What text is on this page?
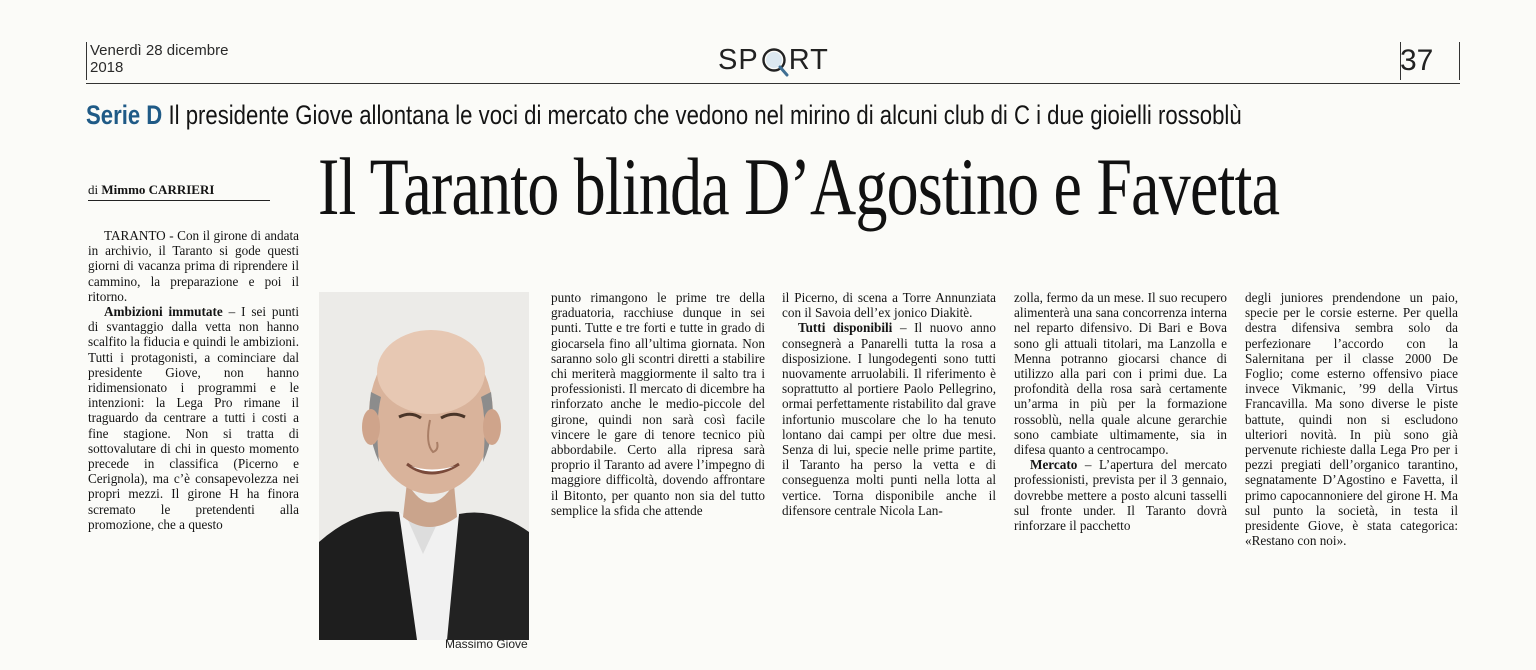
Venerdì 28 dicembre
2018	SP RT	37
Serie D Il presidente Giove allontana le voci di mercato che vedono nel mirino di alcuni club di C i due gioielli rossoblù
Il Taranto blinda D’Agostino e Favetta
di Mimmo CARRIERI

TARANTO - Con il girone di andata in archivio, il Taranto si gode questi giorni di vacanza prima di riprendere il cammino, la preparazione e poi il ritorno.

Ambizioni immutate – I sei punti di svantaggio dalla vetta non hanno scalfito la fiducia e quindi le ambizioni. Tutti i protagonisti, a cominciare dal presidente Giove, non hanno ridimensionato i programmi e le intenzioni: la Lega Pro rimane il traguardo da centrare a tutti i costi a fine stagione. Non si tratta di sottovalutare di chi in questo momento precede in classifica (Picerno e Cerignola), ma c’è consapevolezza nei propri mezzi. Il girone H ha finora scremato le pretendenti alla promozione, che a questo

Massimo Giove

punto rimangono le prime tre della graduatoria, racchiuse dunque in sei punti. Tutte e tre forti e tutte in grado di giocarsela fino all’ultima giornata. Non saranno solo gli scontri diretti a stabilire chi meriterà maggiormente il salto tra i professionisti. Il mercato di dicembre ha rinforzato anche le medio-piccole del girone, quindi non sarà così facile vincere le gare di tenore tecnico più abbordabile. Certo alla ripresa sarà proprio il Taranto ad avere l’impegno di maggiore difficoltà, dovendo affrontare il Bitonto, per quanto non sia del tutto semplice la sfida che attende

il Picerno, di scena a Torre Annunziata con il Savoia dell’ex jonico Diakitè.

Tutti disponibili – Il nuovo anno consegnerà a Panarelli tutta la rosa a disposizione. I lungodegenti sono tutti nuovamente arruolabili. Il riferimento è soprattutto al portiere Paolo Pellegrino, ormai perfettamente ristabilito dal grave infortunio muscolare che lo ha tenuto lontano dai campi per oltre due mesi. Senza di lui, specie nelle prime partite, il Taranto ha perso la vetta e di conseguenza molti punti nella lotta al vertice. Torna disponibile anche il difensore centrale Nicola Lan-

zolla, fermo da un mese. Il suo recupero alimenterà una sana concorrenza interna nel reparto difensivo. Di Bari e Bova sono gli attuali titolari, ma Lanzolla e Menna potranno giocarsi chance di utilizzo alla pari con i primi due. La profondità della rosa sarà certamente un’arma in più per la formazione rossoblù, nella quale alcune gerarchie sono cambiate ultimamente, sia in difesa quanto a centrocampo.

Mercato – L’apertura del mercato professionisti, prevista per il 3 gennaio, dovrebbe mettere a posto alcuni tasselli sul fronte under. Il Taranto dovrà rinforzare il pacchetto

degli juniores prendendone un paio, specie per le corsie esterne. Per quella destra difensiva sembra solo da perfezionare l’accordo con la Salernitana per il classe 2000 De Foglio; come esterno offensivo piace invece Vikmanic, ’99 della Virtus Francavilla. Ma sono diverse le piste battute, quindi non si escludono ulteriori novità. In più sono già pervenute richieste dalla Lega Pro per i pezzi pregiati dell’organico tarantino, segnatamente D’Agostino e Favetta, il primo capocannoniere del girone H. Ma sul punto la società, in testa il presidente Giove, è stata categorica: «Restano con noi».
